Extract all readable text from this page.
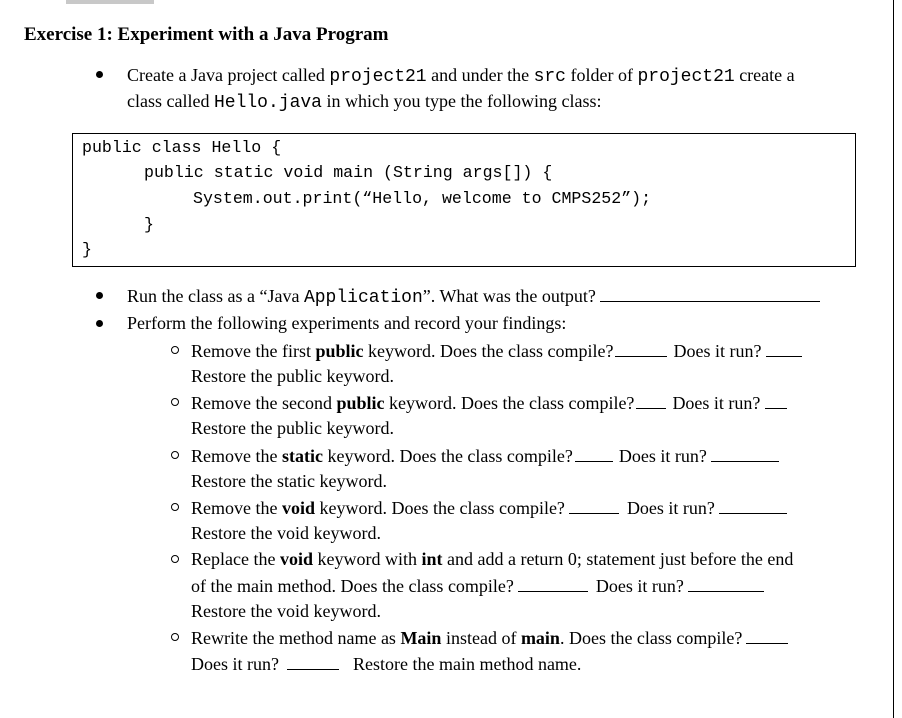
Exercise 1: Experiment with a Java Program
Create a Java project called project21 and under the src folder of project21 create a
class called Hello.java in which you type the following class:
public class Hello {
public static void main (String args[]) {
System.out.print(“Hello, welcome to CMPS252”);
}
}
Run the class as a “Java Application”. What was the output?
Perform the following experiments and record your findings:
Remove the first public keyword. Does the class compile?	Does it run?
Restore the public keyword.
Remove the second public keyword. Does the class compile? Does it run?
Restore the public keyword.
Remove the static keyword. Does the class compile?	Does it run?
Restore the static keyword.
Remove the void keyword. Does the class compile?	Does it run?
Restore the void keyword.
Replace the void keyword with int and add a return 0; statement just before the end
of the main method. Does the class compile?	Does it run?
Restore the void keyword.
Rewrite the method name as Main instead of main. Does the class compile?
Does it run?	Restore the main method name.
